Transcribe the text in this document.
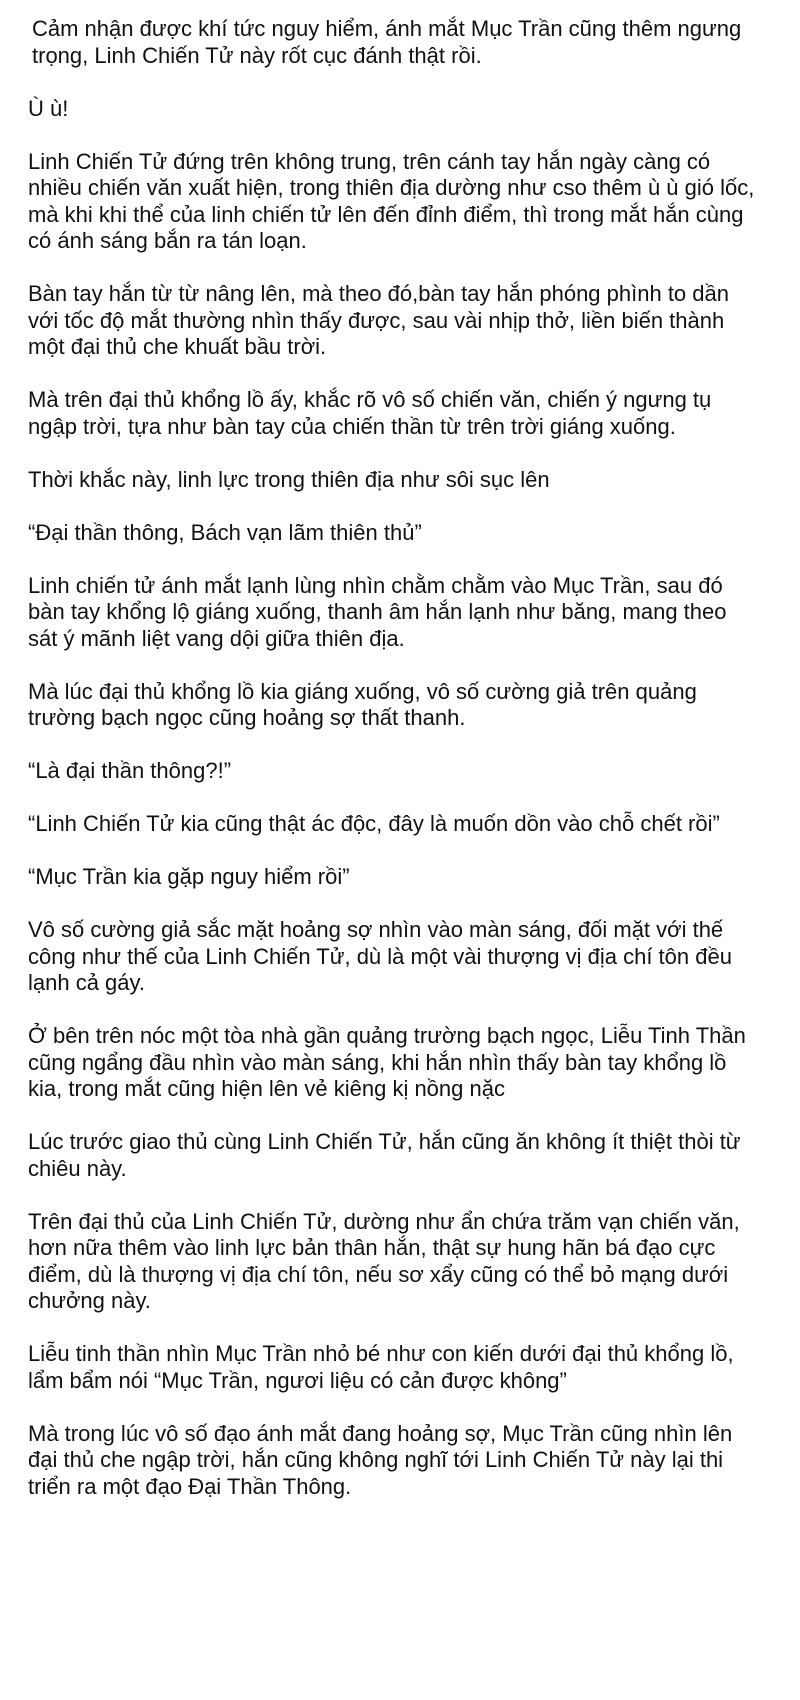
Cảm nhận được khí tức nguy hiểm, ánh mắt Mục Trần cũng thêm ngưng trọng, Linh Chiến Tử này rốt cục đánh thật rồi.

Ù ù!

Linh Chiến Tử đứng trên không trung, trên cánh tay hắn ngày càng có nhiều chiến văn xuất hiện, trong thiên địa dường như cso thêm ù ù gió lốc, mà khi khi thể của linh chiến tử lên đến đỉnh điểm, thì trong mắt hắn cùng có ánh sáng bắn ra tán loạn.

Bàn tay hắn từ từ nâng lên, mà theo đó,bàn tay hắn phóng phình to dần với tốc độ mắt thường nhìn thấy được, sau vài nhịp thở, liền biến thành một đại thủ che khuất bầu trời.

Mà trên đại thủ khổng lồ ấy, khắc rõ vô số chiến văn, chiến ý ngưng tụ ngập trời, tựa như bàn tay của chiến thần từ trên trời giáng xuống.

Thời khắc này, linh lực trong thiên địa như sôi sục lên

“Đại thần thông, Bách vạn lãm thiên thủ”

Linh chiến tử ánh mắt lạnh lùng nhìn chằm chằm vào Mục Trần, sau đó bàn tay khổng lộ giáng xuống, thanh âm hắn lạnh như băng, mang theo sát ý mãnh liệt vang dội giữa thiên địa.

Mà lúc đại thủ khổng lồ kia giáng xuống, vô số cường giả trên quảng trường bạch ngọc cũng hoảng sợ thất thanh.

“Là đại thần thông?!”

“Linh Chiến Tử kia cũng thật ác độc, đây là muốn dồn vào chỗ chết rồi”

“Mục Trần kia gặp nguy hiểm rồi”

Vô số cường giả sắc mặt hoảng sợ nhìn vào màn sáng, đối mặt với thế công như thế của Linh Chiến Tử, dù là một vài thượng vị địa chí tôn đều lạnh cả gáy.

Ở bên trên nóc một tòa nhà gần quảng trường bạch ngọc, Liễu Tinh Thần cũng ngẩng đầu nhìn vào màn sáng, khi hắn nhìn thấy bàn tay khổng lồ kia, trong mắt cũng hiện lên vẻ kiêng kị nồng nặc

Lúc trước giao thủ cùng Linh Chiến Tử, hắn cũng ăn không ít thiệt thòi từ chiêu này.

Trên đại thủ của Linh Chiến Tử, dường như ẩn chứa trăm vạn chiến văn, hơn nữa thêm vào linh lực bản thân hắn, thật sự hung hãn bá đạo cực điểm, dù là thượng vị địa chí tôn, nếu sơ xẩy cũng có thể bỏ mạng dưới chưởng này.

Liễu tinh thần nhìn Mục Trần nhỏ bé như con kiến dưới đại thủ khổng lồ, lẩm bẩm nói “Mục Trần, ngươi liệu có cản được không”

Mà trong lúc vô số đạo ánh mắt đang hoảng sợ, Mục Trần cũng nhìn lên đại thủ che ngập trời, hắn cũng không nghĩ tới Linh Chiến Tử này lại thi triển ra một đạo Đại Thần Thông.
